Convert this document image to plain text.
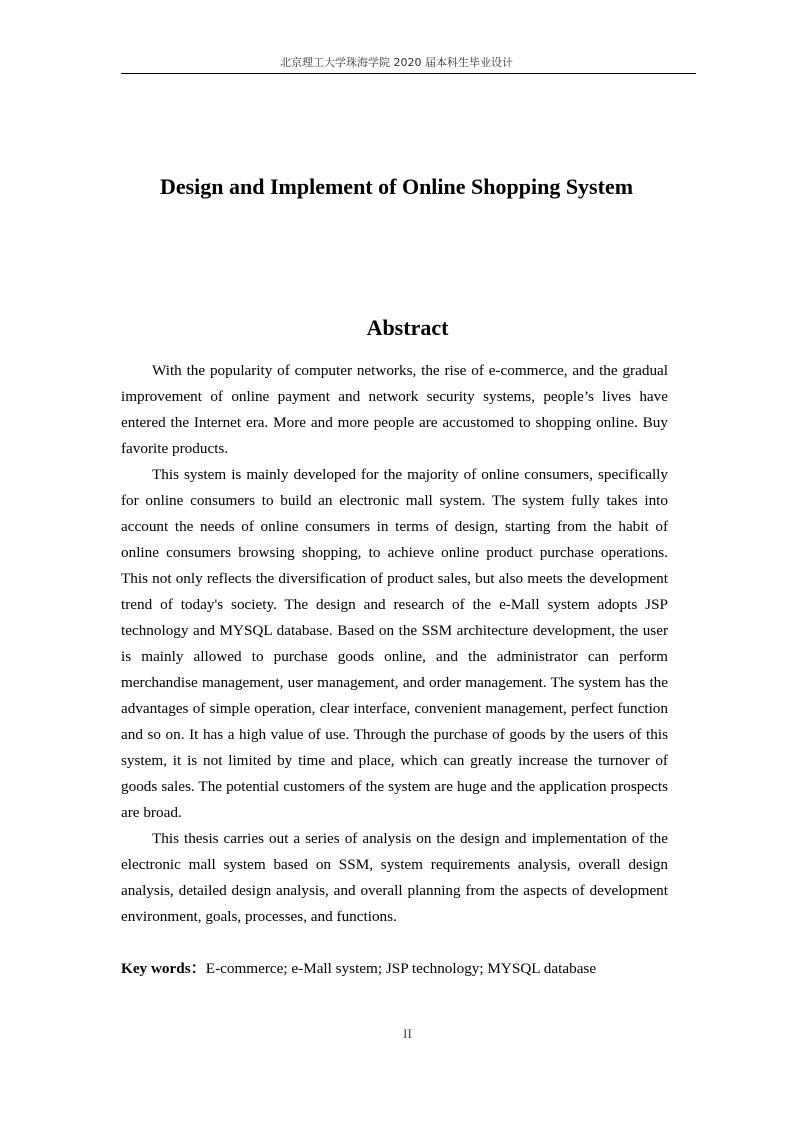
北京理工大学珠海学院 2020 届本科生毕业设计
Design and Implement of Online Shopping System
Abstract

With the popularity of computer networks, the rise of e-commerce, and the gradual improvement of online payment and network security systems, people’s lives have entered the Internet era. More and more people are accustomed to shopping online. Buy favorite products.

This system is mainly developed for the majority of online consumers, specifically for online consumers to build an electronic mall system. The system fully takes into account the needs of online consumers in terms of design, starting from the habit of online consumers browsing shopping, to achieve online product purchase operations. This not only reflects the diversification of product sales, but also meets the development trend of today's society. The design and research of the e-Mall system adopts JSP technology and MYSQL database. Based on the SSM architecture development, the user is mainly allowed to purchase goods online, and the administrator can perform merchandise management, user management, and order management. The system has the advantages of simple operation, clear interface, convenient management, perfect function and so on. It has a high value of use. Through the purchase of goods by the users of this system, it is not limited by time and place, which can greatly increase the turnover of goods sales. The potential customers of the system are huge and the application prospects are broad.

This thesis carries out a series of analysis on the design and implementation of the electronic mall system based on SSM, system requirements analysis, overall design analysis, detailed design analysis, and overall planning from the aspects of development environment, goals, processes, and functions.

Key words：E-commerce; e-Mall system; JSP technology; MYSQL database
II
